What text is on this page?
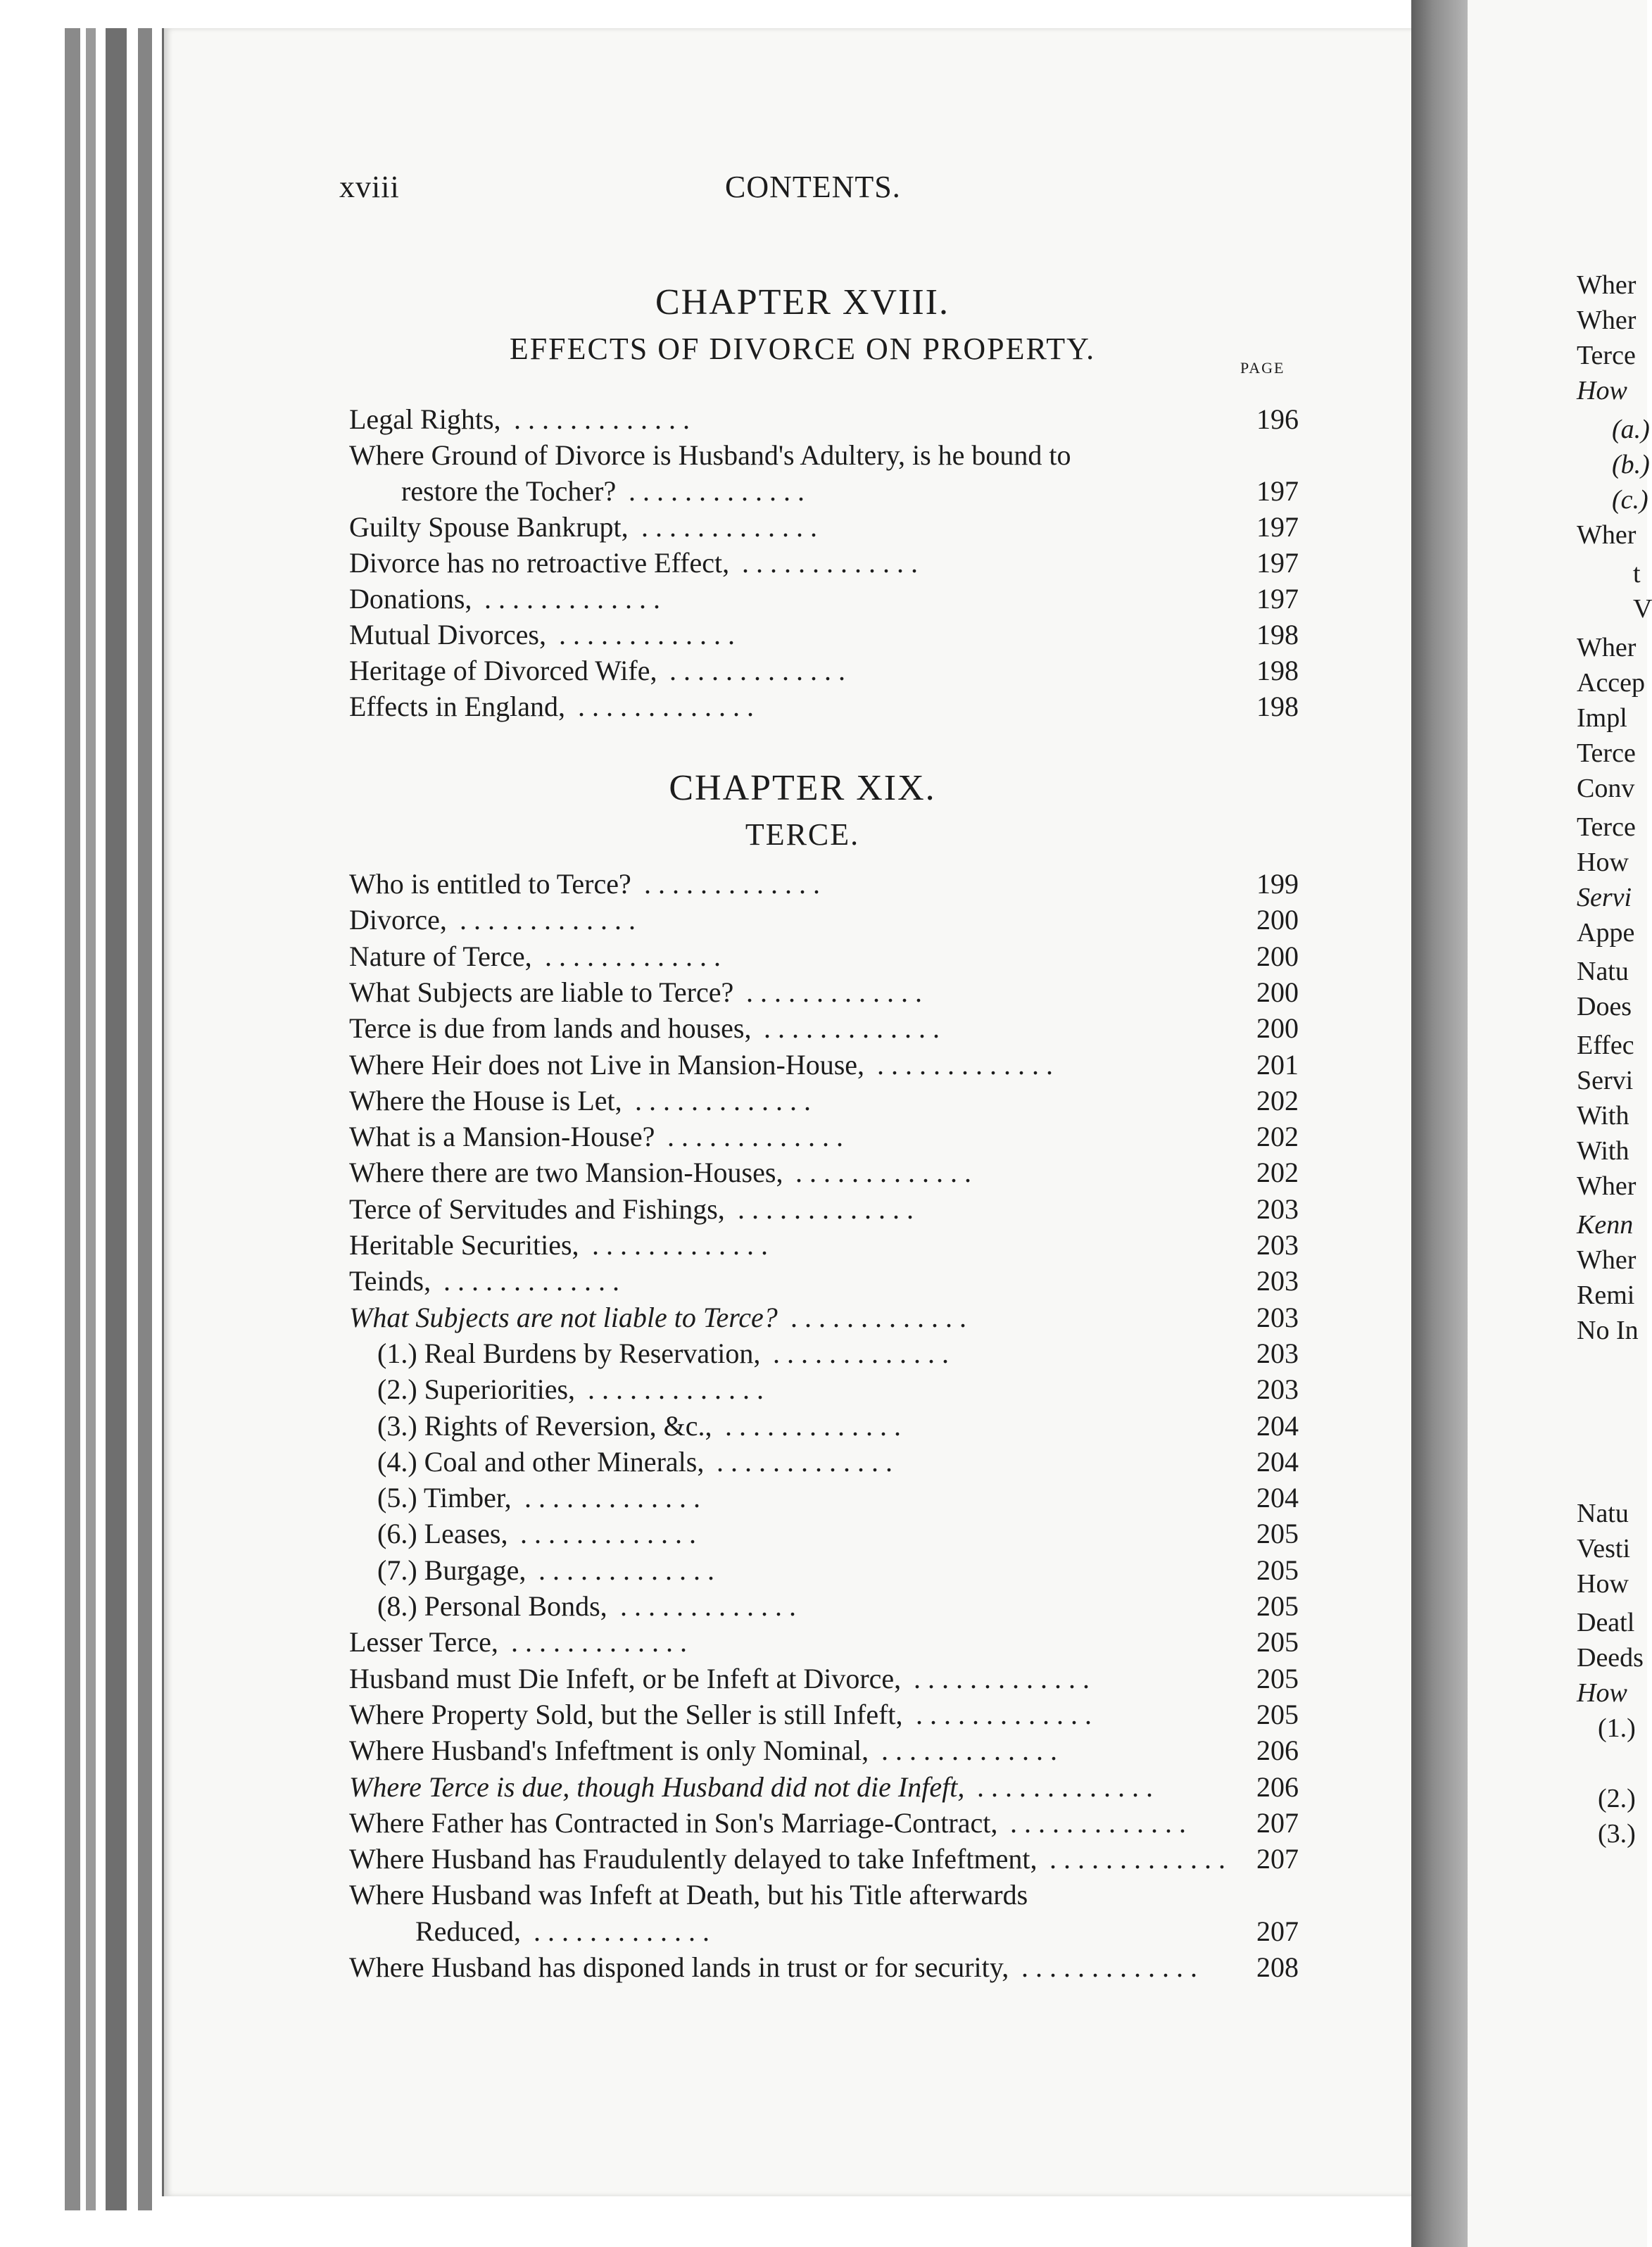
xviii	CONTENTS.
CHAPTER XVIII.
EFFECTS OF DIVORCE ON PROPERTY.
PAGE
Legal Rights, . . . . . . . . . . . . .	196
Where Ground of Divorce is Husband's Adultery, is he bound to
restore the Tocher? . . . . . . . . . . . . .	197
Guilty Spouse Bankrupt, . . . . . . . . . . . . .	197
Divorce has no retroactive Effect, . . . . . . . . . . . . .	197
Donations, . . . . . . . . . . . . .	197
Mutual Divorces, . . . . . . . . . . . . .	198
Heritage of Divorced Wife, . . . . . . . . . . . . .	198
Effects in England, . . . . . . . . . . . . .	198
CHAPTER XIX.
TERCE.
Who is entitled to Terce? . . . . . . . . . . . . .	199
Divorce, . . . . . . . . . . . . .	200
Nature of Terce, . . . . . . . . . . . . .	200
What Subjects are liable to Terce? . . . . . . . . . . . . .	200
Terce is due from lands and houses, . . . . . . . . . . . . .	200
Where Heir does not Live in Mansion-House, . . . . . . . . . . . . .	201
Where the House is Let, . . . . . . . . . . . . .	202
What is a Mansion-House? . . . . . . . . . . . . .	202
Where there are two Mansion-Houses, . . . . . . . . . . . . .	202
Terce of Servitudes and Fishings, . . . . . . . . . . . . .	203
Heritable Securities, . . . . . . . . . . . . .	203
Teinds, . . . . . . . . . . . . .	203
What Subjects are not liable to Terce? . . . . . . . . . . . . .	203
(1.) Real Burdens by Reservation, . . . . . . . . . . . . .	203
(2.) Superiorities, . . . . . . . . . . . . .	203
(3.) Rights of Reversion, &c., . . . . . . . . . . . . .	204
(4.) Coal and other Minerals, . . . . . . . . . . . . .	204
(5.) Timber, . . . . . . . . . . . . .	204
(6.) Leases, . . . . . . . . . . . . .	205
(7.) Burgage, . . . . . . . . . . . . .	205
(8.) Personal Bonds, . . . . . . . . . . . . .	205
Lesser Terce, . . . . . . . . . . . . .	205
Husband must Die Infeft, or be Infeft at Divorce, . . . . . . . . . . . . .	205
Where Property Sold, but the Seller is still Infeft, . . . . . . . . . . . . .	205
Where Husband's Infeftment is only Nominal, . . . . . . . . . . . . .	206
Where Terce is due, though Husband did not die Infeft, . . . . . . . . . . . . .	206
Where Father has Contracted in Son's Marriage-Contract, . . . . . . . . . . . . .	207
Where Husband has Fraudulently delayed to take Infeftment, . . . . . . . . . . . . .	207
Where Husband was Infeft at Death, but his Title afterwards
Reduced, . . . . . . . . . . . . .	207
Where Husband has disponed lands in trust or for security, . . . . . . . . . . . . .	208
Wher
Wher
Terce
How
(a.)
(b.)
(c.)
Wher
t
V
Wher
Accep
Impl
Terce
Conv
Terce
How
Servi
Appe
Natu
Does
Effec
Servi
With
With
Wher
Kenn
Wher
Remi
No In
Natu
Vesti
How
Deatl
Deeds
How
(1.)
(2.)
(3.)
